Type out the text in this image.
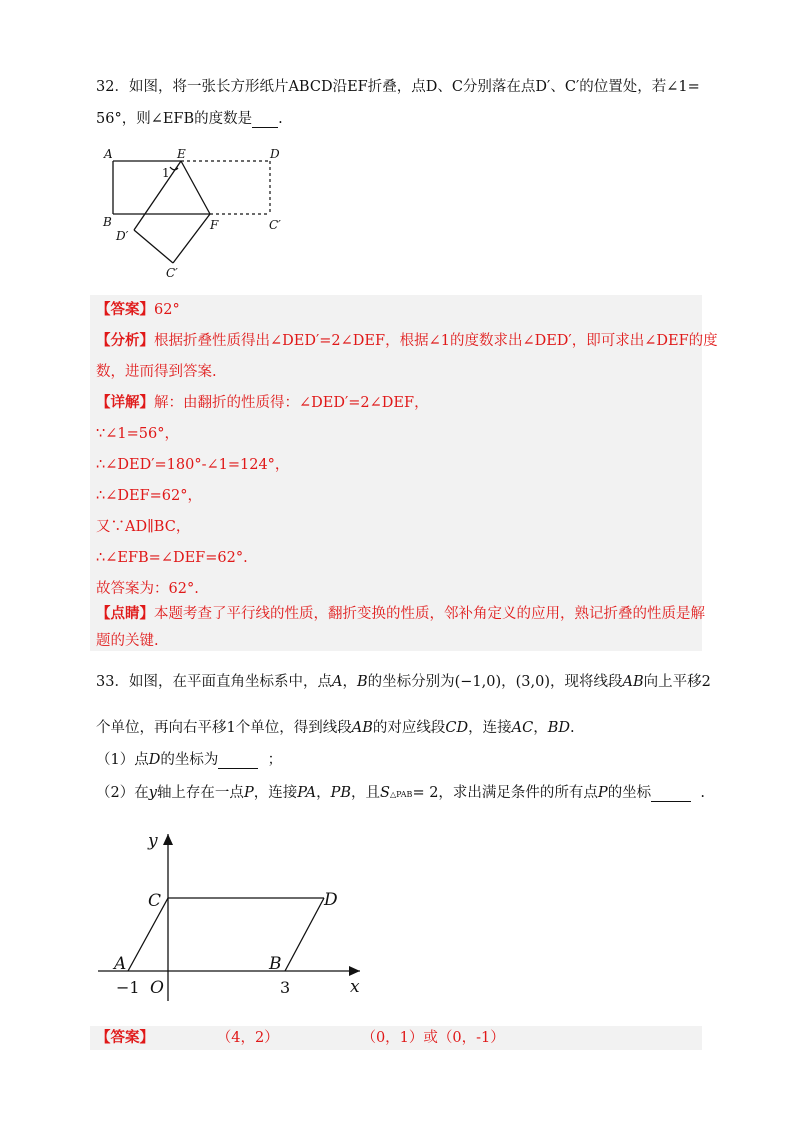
32．如图，将一张长方形纸片ABCD沿EF折叠，点D、C分别落在点D′、C′的位置处，若∠1=
56°，则∠EFB的度数是 .
A	E	D
B	F	C′
D′
C′
1
【答案】62°
【分析】根据折叠性质得出∠DED′=2∠DEF，根据∠1的度数求出∠DED′，即可求出∠DEF的度
数，进而得到答案.
【详解】解：由翻折的性质得：∠DED′=2∠DEF，
∵∠1=56°，
∴∠DED′=180°-∠1=124°，
∴∠DEF=62°，
又∵AD∥BC，
∴∠EFB=∠DEF=62°.
故答案为：62°.
【点睛】本题考查了平行线的性质，翻折变换的性质，邻补角定义的应用，熟记折叠的性质是解
题的关键.
33．如图，在平面直角坐标系中，点A，B的坐标分别为(−1,0)，(3,0)，现将线段AB向上平移2
个单位，再向右平移1个单位，得到线段AB的对应线段CD，连接AC，BD.
（1）点D的坐标为	；
（2）在y轴上存在一点P，连接PA，PB，且S△PAB= 2，求出满足条件的所有点P的坐标	.
y
x
C	D
A	B
O
−1	3
【答案】	（4，2）	（0，1）或（0，-1）
